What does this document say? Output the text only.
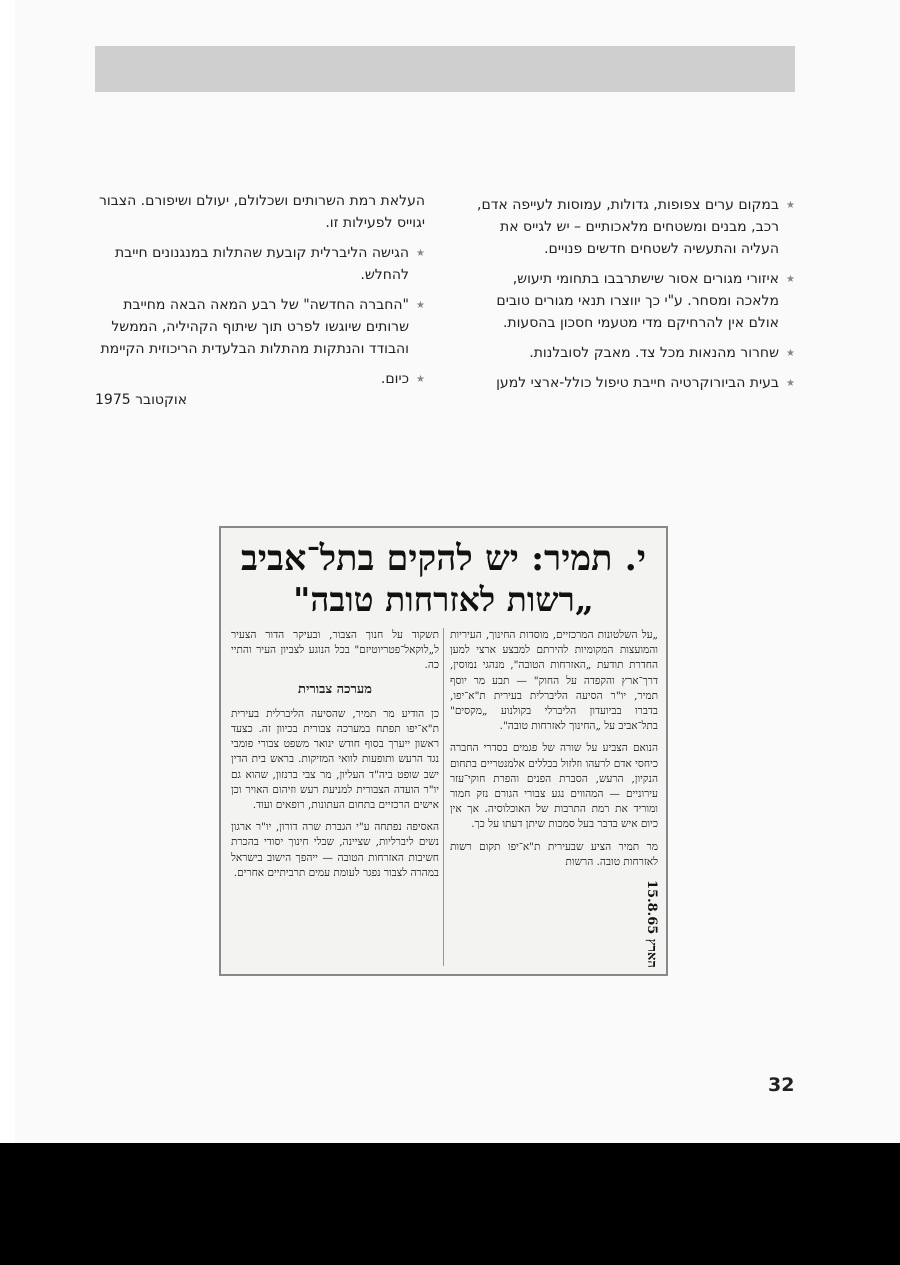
★
במקום ערים צפופות, גדולות, עמוסות לעייפה אדם, רכב, מבנים ומשטחים מלאכותיים – יש לגייס את העליה והתעשיה לשטחים חדשים פנויים.
★
איזורי מגורים אסור שישתרבבו בתחומי תיעוש, מלאכה ומסחר. ע"י כך יווצרו תנאי מגורים טובים אולם אין להרחיקם מדי מטעמי חסכון בהסעות.
★
שחרור מהנאות מכל צד. מאבק לסובלנות.
★
בעית הביורוקרטיה חייבת טיפול כולל-ארצי למען
העלאת רמת השרותים ושכלולם, יעולם ושיפורם. הצבור יגוייס לפעילות זו.
★
הגישה הליברלית קובעת שהתלות במנגנונים חייבת להחלש.
★
"החברה החדשה" של רבע המאה הבאה מחייבת שרותים שיוגשו לפרט תוך שיתוף הקהיליה, הממשל והבודד והנתקות מהתלות הבלעדית הריכוזית הקיימת
★
כיום.
אוקטובר 1975
י. תמיר: יש להקים בתל־אביב
„רשות לאזרחות טובה"

„על השלטונות המרכזיים, מוסדות החינוך, העיריות והמועצות המקומיות להירתם למבצע ארצי למען החדרת תודעת „האזרחות הטובה", מנהגי נמוסין, דרך־ארץ והקפדה על החוק" — תבע מר יוסף תמיר, יו"ר הסיעה הליברלית בעירית ת"א־יפו, בדברו בביועדון הליברלי בקולנוע „מקסים" בתל־אביב על „החינוך לאזרחות טובה".

הנואם הצביע על שורה של פגמים בסדרי החברה כיחסי אדם לרעהו וזלזול בכללים אלמנטריים בתחום הנקיון, הרעש, הסברת הפנים והפרת חוקי־עזר עירוניים — המהווים נגע צבורי הגורם נזק חמור ומוריד את רמת התרבות של האוכלוסיה. אך אין כיום איש בדבר בעל סמכות שיתן דעתו על כך.

מר תמיר הציע שבעירית ת"א־יפו תקום רשות לאזרחות טובה. הרשות

תשקוד על חנוך הצבור, ובעיקר הדור הצעיר ל„לוקאל־פטריוטיזם" בכל הנוגע לצביון העיר והתיי כה.

מערכה צבורית

כן הודיע מר תמיר, שהסיעה הליברלית בעירית ת"א־יפו תפתח במערכה צבורית בכיוון זה. כצעד ראשון ייערך בסוף חודש ינואר משפט צבורי פומבי נגד הרעש ותופעות לוואי המזיקות. בראש בית הדין ישב שופט ביה"ד העליון, מר צבי ברנזון, שהוא גם יו"ר הועדה הצבורית למניעת רעש וזיהום האויר וכן אישים הרכזיים בתחום העתונות, רופאים ועוד.

האסיפה נפתחה ע"י הגברת שרה דורון, יו"ר ארגון נשים ליברליות, שציינה, שבלי חינוך יסודי בהכרת חשיבות האזרחות הטובה — ייהפך הישוב בישראל במהרה לצבור נפגר לעומת עמים תרביתיים אחרים.

הארץ 15.8.65
32
